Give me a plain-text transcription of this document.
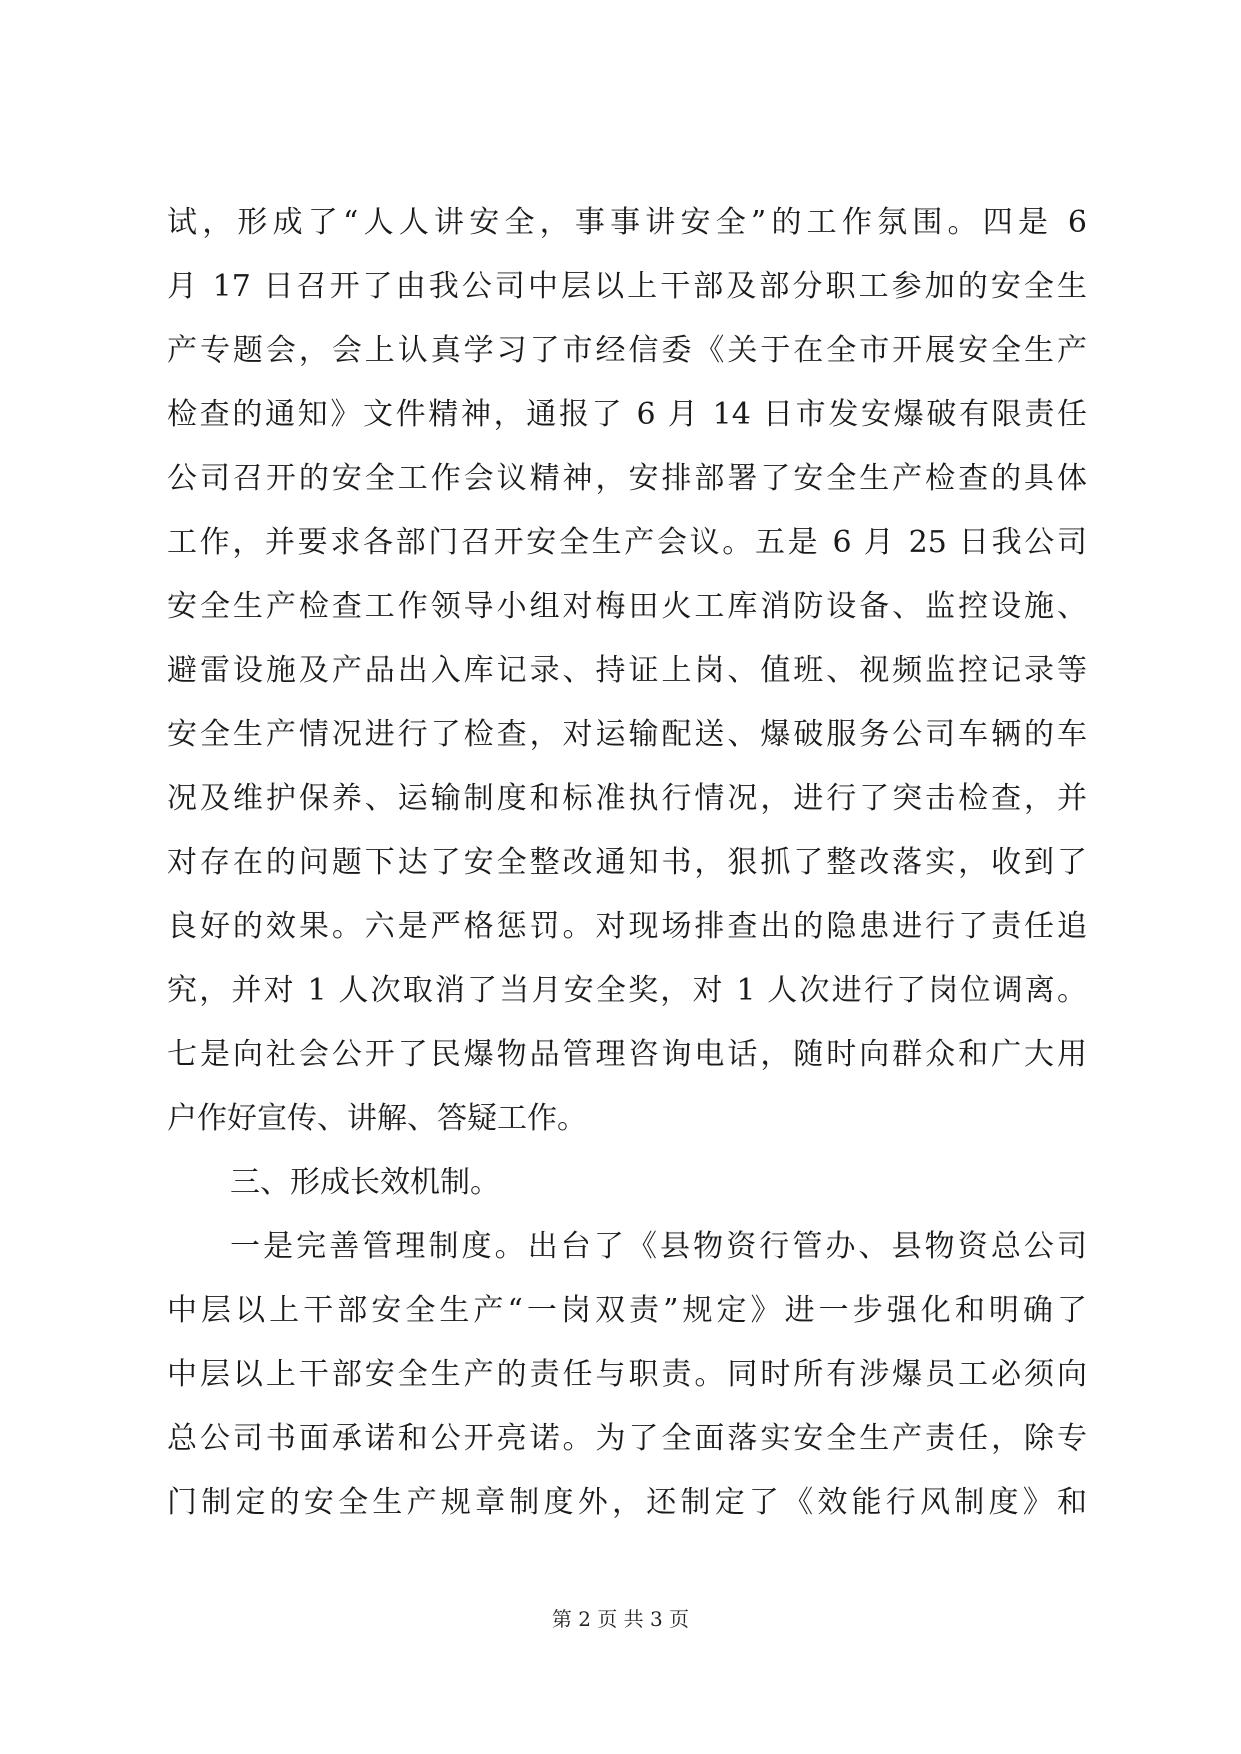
试，形成了“人人讲安全，事事讲安全”的工作氛围。四是 6
月 17 日召开了由我公司中层以上干部及部分职工参加的安全生
产专题会，会上认真学习了市经信委《关于在全市开展安全生产
检查的通知》文件精神，通报了 6 月 14 日市发安爆破有限责任
公司召开的安全工作会议精神，安排部署了安全生产检查的具体
工作，并要求各部门召开安全生产会议。五是 6 月 25 日我公司
安全生产检查工作领导小组对梅田火工库消防设备、监控设施、
避雷设施及产品出入库记录、持证上岗、值班、视频监控记录等
安全生产情况进行了检查，对运输配送、爆破服务公司车辆的车
况及维护保养、运输制度和标准执行情况，进行了突击检查，并
对存在的问题下达了安全整改通知书，狠抓了整改落实，收到了
良好的效果。六是严格惩罚。对现场排查出的隐患进行了责任追
究，并对 1 人次取消了当月安全奖，对 1 人次进行了岗位调离。
七是向社会公开了民爆物品管理咨询电话，随时向群众和广大用
户作好宣传、讲解、答疑工作。
三、形成长效机制。
一是完善管理制度。出台了《县物资行管办、县物资总公司
中层以上干部安全生产“一岗双责”规定》进一步强化和明确了
中层以上干部安全生产的责任与职责。同时所有涉爆员工必须向
总公司书面承诺和公开亮诺。为了全面落实安全生产责任，除专
门制定的安全生产规章制度外，还制定了《效能行风制度》和
第 2 页 共 3 页
